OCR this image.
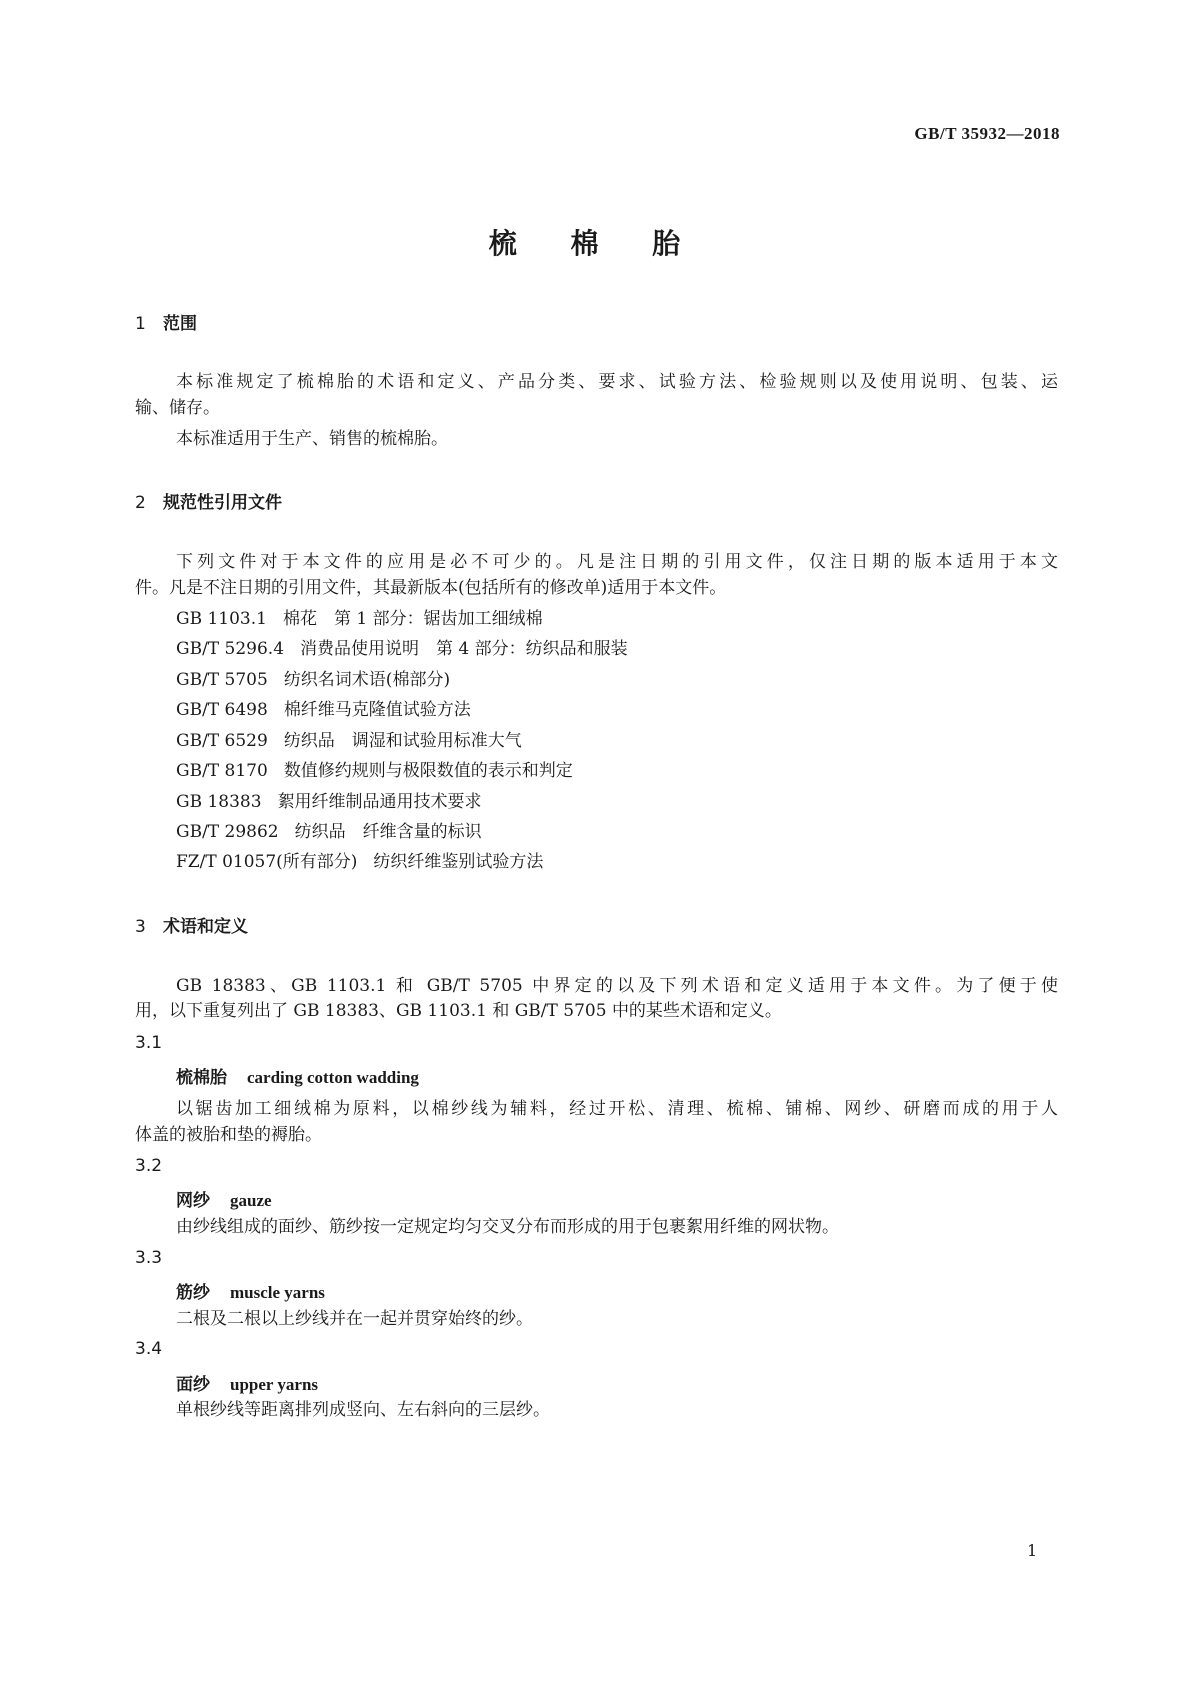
GB/T 35932—2018
梳 棉 胎
1 范围
本标准规定了梳棉胎的术语和定义、产品分类、要求、试验方法、检验规则以及使用说明、包装、运
输、储存。
本标准适用于生产、销售的梳棉胎。
2 规范性引用文件
下列文件对于本文件的应用是必不可少的。凡是注日期的引用文件，仅注日期的版本适用于本文
件。凡是不注日期的引用文件，其最新版本(包括所有的修改单)适用于本文件。
GB 1103.1 棉花　第 1 部分：锯齿加工细绒棉
GB/T 5296.4 消费品使用说明　第 4 部分：纺织品和服装
GB/T 5705 纺织名词术语(棉部分)
GB/T 6498 棉纤维马克隆值试验方法
GB/T 6529 纺织品　调湿和试验用标准大气
GB/T 8170 数值修约规则与极限数值的表示和判定
GB 18383 絮用纤维制品通用技术要求
GB/T 29862 纺织品　纤维含量的标识
FZ/T 01057(所有部分) 纺织纤维鉴别试验方法
3 术语和定义
GB 18383、GB 1103.1 和 GB/T 5705 中界定的以及下列术语和定义适用于本文件。为了便于使
用，以下重复列出了 GB 18383、GB 1103.1 和 GB/T 5705 中的某些术语和定义。
3.1
梳棉胎 carding cotton wadding
以锯齿加工细绒棉为原料，以棉纱线为辅料，经过开松、清理、梳棉、铺棉、网纱、研磨而成的用于人
体盖的被胎和垫的褥胎。
3.2
网纱 gauze
由纱线组成的面纱、筋纱按一定规定均匀交叉分布而形成的用于包裹絮用纤维的网状物。
3.3
筋纱 muscle yarns
二根及二根以上纱线并在一起并贯穿始终的纱。
3.4
面纱 upper yarns
单根纱线等距离排列成竖向、左右斜向的三层纱。
1
